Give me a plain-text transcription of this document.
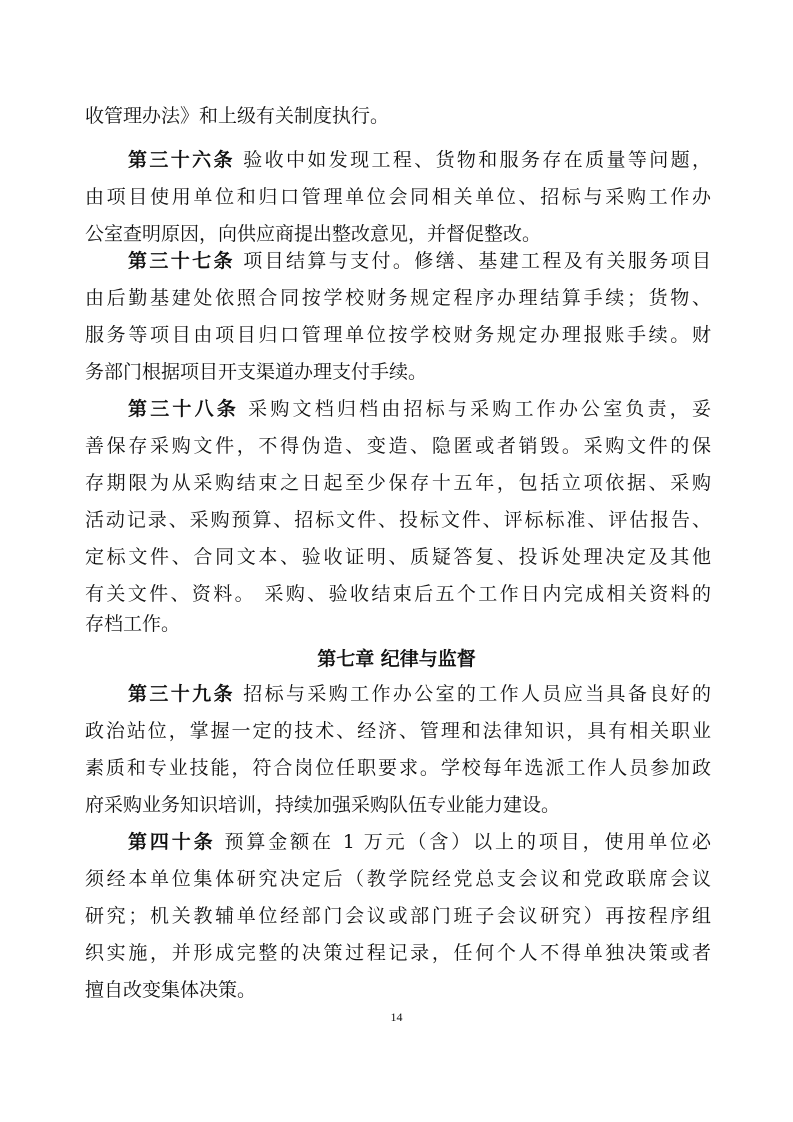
收管理办法》和上级有关制度执行。
第三十六条 验收中如发现工程、货物和服务存在质量等问题，
由项目使用单位和归口管理单位会同相关单位、招标与采购工作办
公室查明原因，向供应商提出整改意见，并督促整改。
第三十七条 项目结算与支付。修缮、基建工程及有关服务项目
由后勤基建处依照合同按学校财务规定程序办理结算手续；货物、
服务等项目由项目归口管理单位按学校财务规定办理报账手续。财
务部门根据项目开支渠道办理支付手续。
第三十八条 采购文档归档由招标与采购工作办公室负责，妥
善保存采购文件，不得伪造、变造、隐匿或者销毁。采购文件的保
存期限为从采购结束之日起至少保存十五年，包括立项依据、采购
活动记录、采购预算、招标文件、投标文件、评标标准、评估报告、
定标文件、合同文本、验收证明、质疑答复、投诉处理决定及其他
有关文件、资料。 采购、验收结束后五个工作日内完成相关资料的
存档工作。
第七章 纪律与监督
第三十九条 招标与采购工作办公室的工作人员应当具备良好的
政治站位，掌握一定的技术、经济、管理和法律知识，具有相关职业
素质和专业技能，符合岗位任职要求。学校每年选派工作人员参加政
府采购业务知识培训，持续加强采购队伍专业能力建设。
第四十条 预算金额在 1 万元（含）以上的项目，使用单位必
须经本单位集体研究决定后（教学院经党总支会议和党政联席会议
研究；机关教辅单位经部门会议或部门班子会议研究）再按程序组
织实施，并形成完整的决策过程记录，任何个人不得单独决策或者
擅自改变集体决策。
14
